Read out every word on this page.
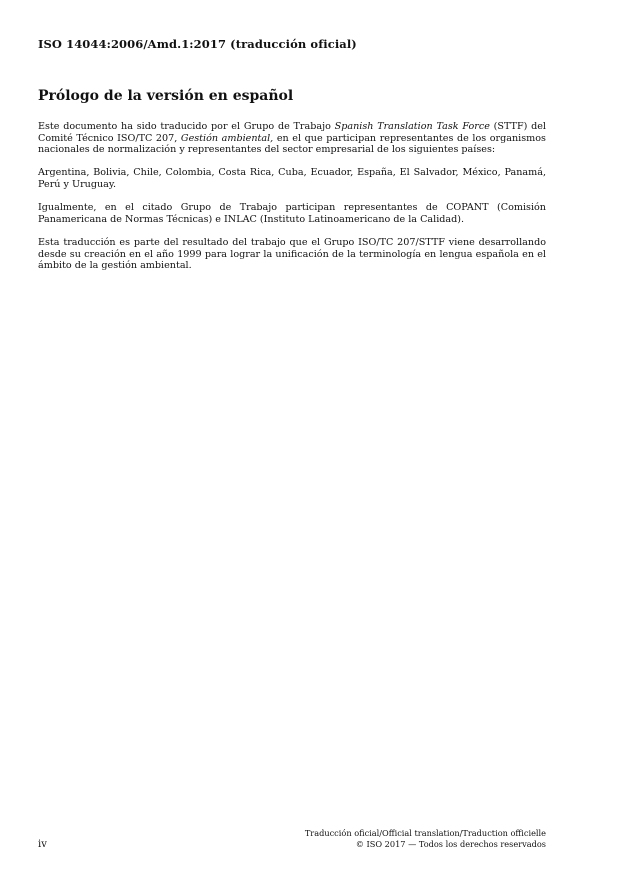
ISO 14044:2006/Amd.1:2017 (traducción oficial)
Prólogo de la versión en español

Este documento ha sido traducido por el Grupo de Trabajo Spanish Translation Task Force (STTF) del Comité Técnico ISO/TC 207, Gestión ambiental, en el que participan representantes de los organismos nacionales de normalización y representantes del sector empresarial de los siguientes países:

Argentina, Bolivia, Chile, Colombia, Costa Rica, Cuba, Ecuador, España, El Salvador, México, Panamá, Perú y Uruguay.

Igualmente, en el citado Grupo de Trabajo participan representantes de COPANT (Comisión Panamericana de Normas Técnicas) e INLAC (Instituto Latinoamericano de la Calidad).

Esta traducción es parte del resultado del trabajo que el Grupo ISO/TC 207/STTF viene desarrollando desde su creación en el año 1999 para lograr la unificación de la terminología en lengua española en el ámbito de la gestión ambiental.

Traducción oficial/Official translation/Traduction officielle
© ISO 2017 — Todos los derechos reservados
iv
